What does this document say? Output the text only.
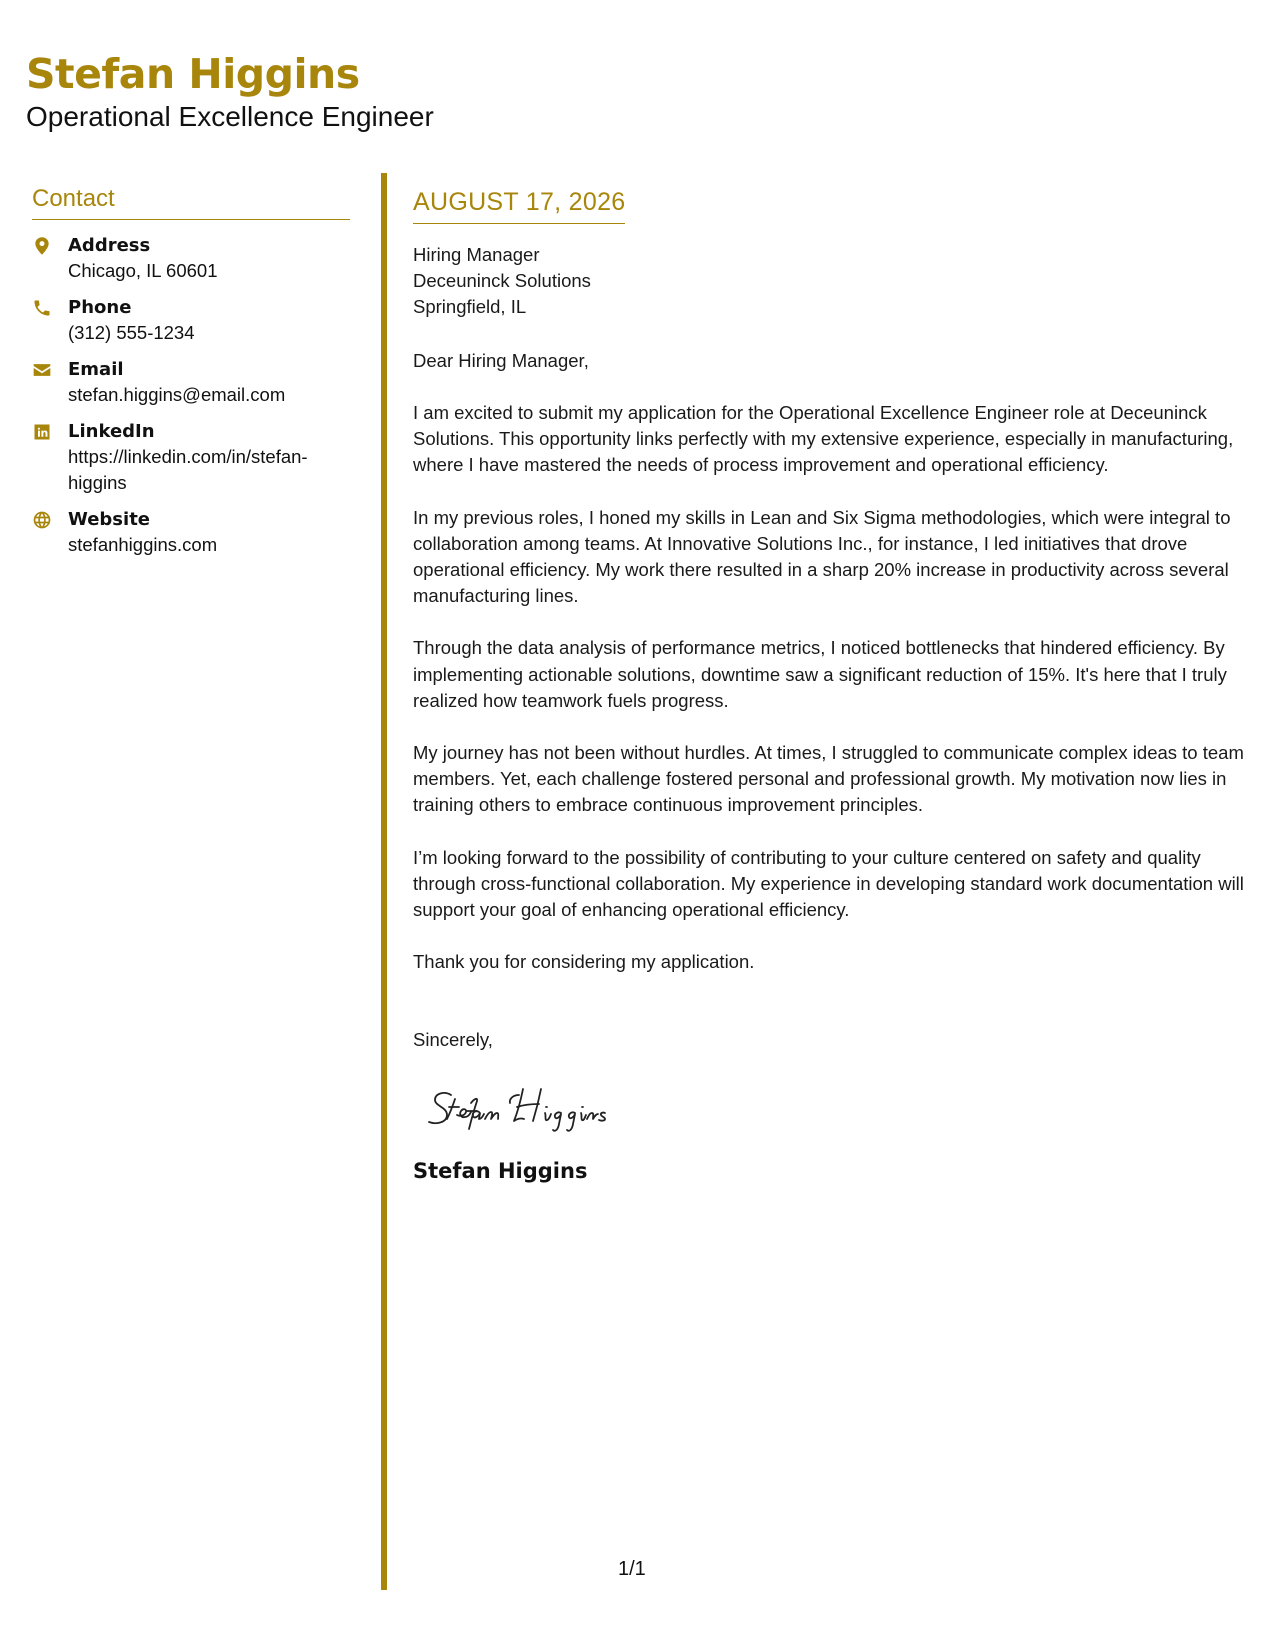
Stefan Higgins
Operational Excellence Engineer
Contact
Address
Chicago, IL 60601
Phone
(312) 555-1234
Email
stefan.higgins@email.com
LinkedIn
https://linkedin.com/in/stefan-higgins
Website
stefanhiggins.com
AUGUST 17, 2026
Hiring Manager
Deceuninck Solutions
Springfield, IL
Dear Hiring Manager,
I am excited to submit my application for the Operational Excellence Engineer role at Deceuninck Solutions. This opportunity links perfectly with my extensive experience, especially in manufacturing, where I have mastered the needs of process improvement and operational efficiency.
In my previous roles, I honed my skills in Lean and Six Sigma methodologies, which were integral to collaboration among teams. At Innovative Solutions Inc., for instance, I led initiatives that drove operational efficiency. My work there resulted in a sharp 20% increase in productivity across several manufacturing lines.
Through the data analysis of performance metrics, I noticed bottlenecks that hindered efficiency. By implementing actionable solutions, downtime saw a significant reduction of 15%. It's here that I truly realized how teamwork fuels progress.
My journey has not been without hurdles. At times, I struggled to communicate complex ideas to team members. Yet, each challenge fostered personal and professional growth. My motivation now lies in training others to embrace continuous improvement principles.
I’m looking forward to the possibility of contributing to your culture centered on safety and quality through cross-functional collaboration. My experience in developing standard work documentation will support your goal of enhancing operational efficiency.
Thank you for considering my application.
Sincerely,
Stefan Higgins
1/1
